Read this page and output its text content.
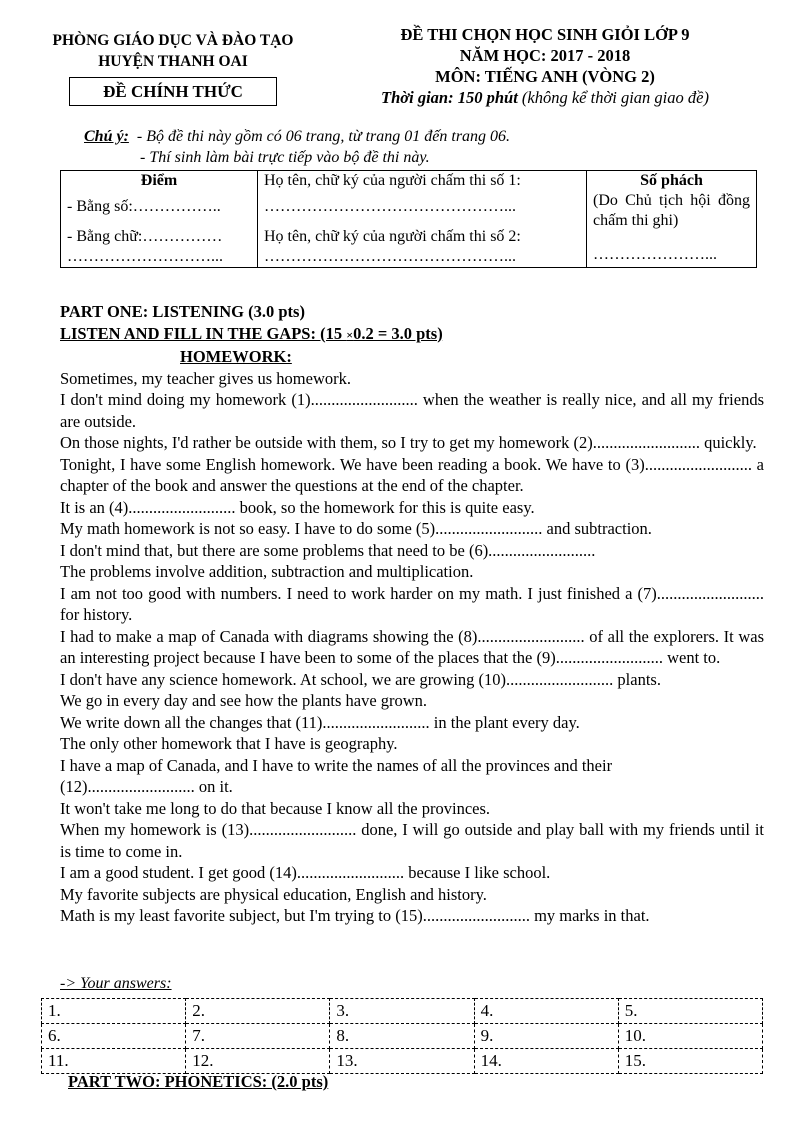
PHÒNG GIÁO DỤC VÀ ĐÀO TẠO
HUYỆN THANH OAI
ĐỀ CHÍNH THỨC
ĐỀ THI CHỌN HỌC SINH GIỎI LỚP 9
NĂM HỌC: 2017 - 2018
MÔN: TIẾNG ANH (VÒNG 2)
Thời gian: 150 phút (không kể thời gian giao đề)
Chú ý: - Bộ đề thi này gồm có 06 trang, từ trang 01 đến trang 06.
- Thí sinh làm bài trực tiếp vào bộ đề thi này.
Điểm
- Bằng số:……………..
- Bằng chữ:……………
………………………...

Họ tên, chữ ký của người chấm thi số 1:
………………………………………...
Họ tên, chữ ký của người chấm thi số 2:
………………………………………...

Số phách
(Do Chủ tịch hội đồng chấm thi ghi)
…………………...

PART ONE: LISTENING (3.0 pts)

LISTEN AND FILL IN THE GAPS: (15 ×0.2 = 3.0 pts)

HOMEWORK:

Sometimes, my teacher gives us homework.

I don't mind doing my homework (1).......................... when the weather is really nice, and all my friends are outside.

On those nights, I'd rather be outside with them, so I try to get my homework (2).......................... quickly.

Tonight, I have some English homework. We have been reading a book. We have to (3).......................... a chapter of the book and answer the questions at the end of the chapter.

It is an (4).......................... book, so the homework for this is quite easy.

My math homework is not so easy. I have to do some (5).......................... and subtraction.

I don't mind that, but there are some problems that need to be (6)..........................

The problems involve addition, subtraction and multiplication.

I am not too good with numbers. I need to work harder on my math. I just finished a (7).......................... for history.

I had to make a map of Canada with diagrams showing the (8).......................... of all the explorers. It was an interesting project because I have been to some of the places that the (9).......................... went to.

I don't have any science homework. At school, we are growing (10).......................... plants.

We go in every day and see how the plants have grown.

We write down all the changes that (11).......................... in the plant every day.

The only other homework that I have is geography.

I have a map of Canada, and I have to write the names of all the provinces and their

(12).......................... on it.

It won't take me long to do that because I know all the provinces.

When my homework is (13).......................... done, I will go outside and play ball with my friends until it is time to come in.

I am a good student. I get good (14).......................... because I like school.

My favorite subjects are physical education, English and history.

Math is my least favorite subject, but I'm trying to (15).......................... my marks in that.

-> Your answers:
1.	2.	3.	4.	5.
6.	7.	8.	9.	10.
11.	12.	13.	14.	15.
PART TWO: PHONETICS: (2.0 pts)
